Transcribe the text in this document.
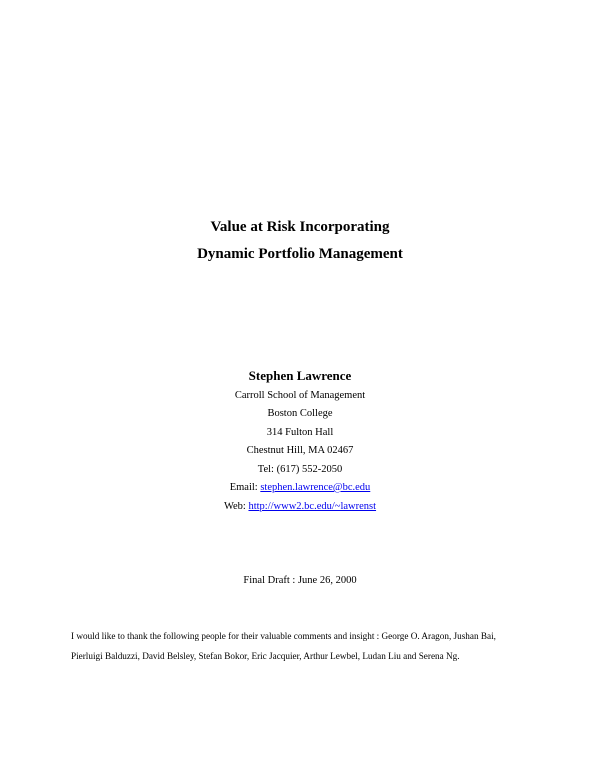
Value at Risk Incorporating
Dynamic Portfolio Management
Stephen Lawrence
Carroll School of Management
Boston College
314 Fulton Hall
Chestnut Hill, MA 02467
Tel: (617) 552-2050
Email: stephen.lawrence@bc.edu
Web: http://www2.bc.edu/~lawrenst
Final Draft : June 26, 2000
I would like to thank the following people for their valuable comments and insight : George O. Aragon, Jushan Bai,
Pierluigi Balduzzi, David Belsley, Stefan Bokor, Eric Jacquier, Arthur Lewbel, Ludan Liu and Serena Ng.
